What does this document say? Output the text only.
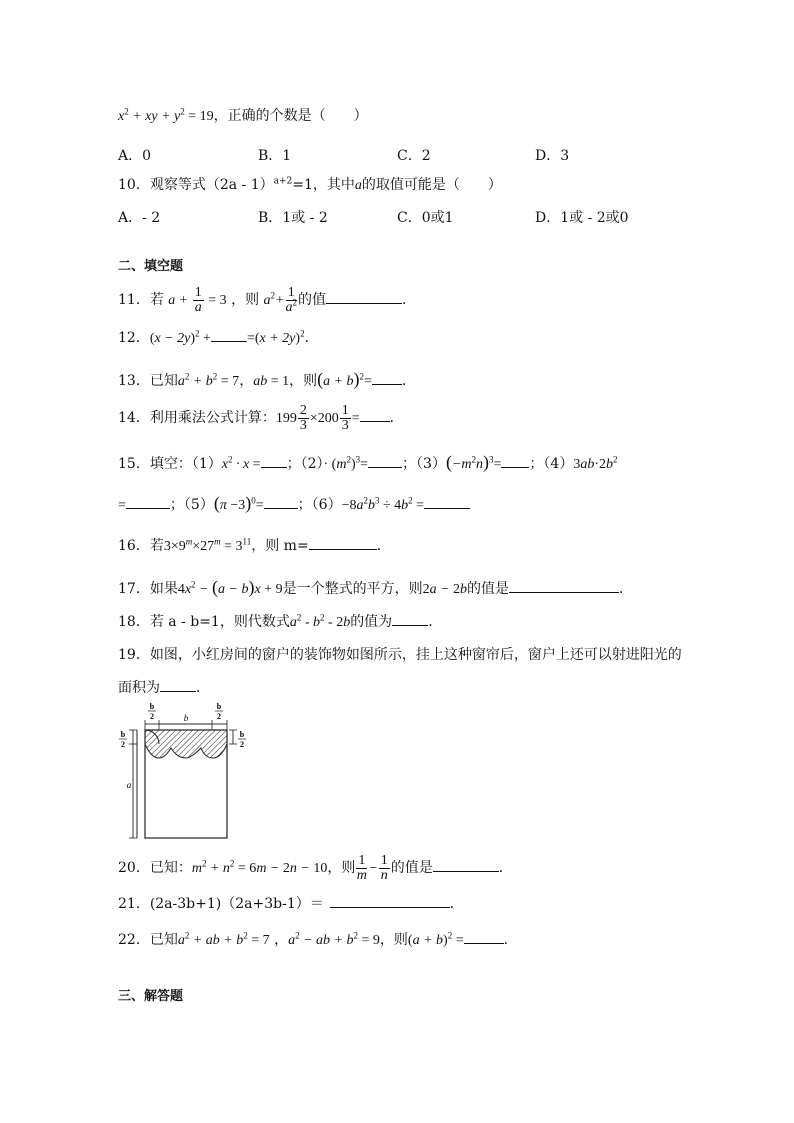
$x^2$ + xy + $y^2 = 19$，正确的个数是（　　）
A．0	B．1	C．2	D．3
10．观察等式（2a - 1）$^{a+2}$=1，其中a的取值可能是（　　）
A．- 2	B．1或 - 2	C．0或1	D．1或 - 2或0
二、填空题
11．若 $a + \frac{1}{a} = 3$ ，则 $a^2+ \frac{1}{a^2}$ 的值	．
12．$(x - 2y)^2$ +	$=(x + 2y)^2$．
13．已知$a^2 + b^2 = 7$，ab = 1，则$(a + b)^2=$ ．
14．利用乘法公式计算：$199 \frac{2}{3} \times 200 \frac{1}{3}$ = ．
15．填空：$(1)x^2 \cdot x$ = ；$(2)\cdot (m^2)^3=$ ；$(3)(-m^2n)^3=$ ；$(4)3ab\cdot 2b^2$
=	；$(5)(\pi -3)^0=$ ；$(6)-8a^2b^3 \div 4b^2$ =
16．若$3\times 9^m\times 27^m = 3^{11}$，则 m=	．
17．如果$4x^2 - (a - b)x + 9$是一个整式的平方，则2a − 2b的值是	．
18．若 a - b=1，则代数式$a^2 - b^2 - 2b$的值为	．
19．如图，小红房间的窗户的装饰物如图所示，挂上这种窗帘后，窗户上还可以射进阳光的
面积为	．
b
2	b
b
2
b
2
b
2
a
20．已知：$m^2 + n^2 = 6m - 2n - 10$，则 $\frac{1}{m} - \frac{1}{n}$ 的值是	．
21．(2a-3b+1)（2a+3b-1）＝	．
22．已知$a^2$ + ab + $b^2 = 7$ ，$a^2$ − ab + $b^2 = 9$，则$(a + b)^2$ =	．
三、解答题
